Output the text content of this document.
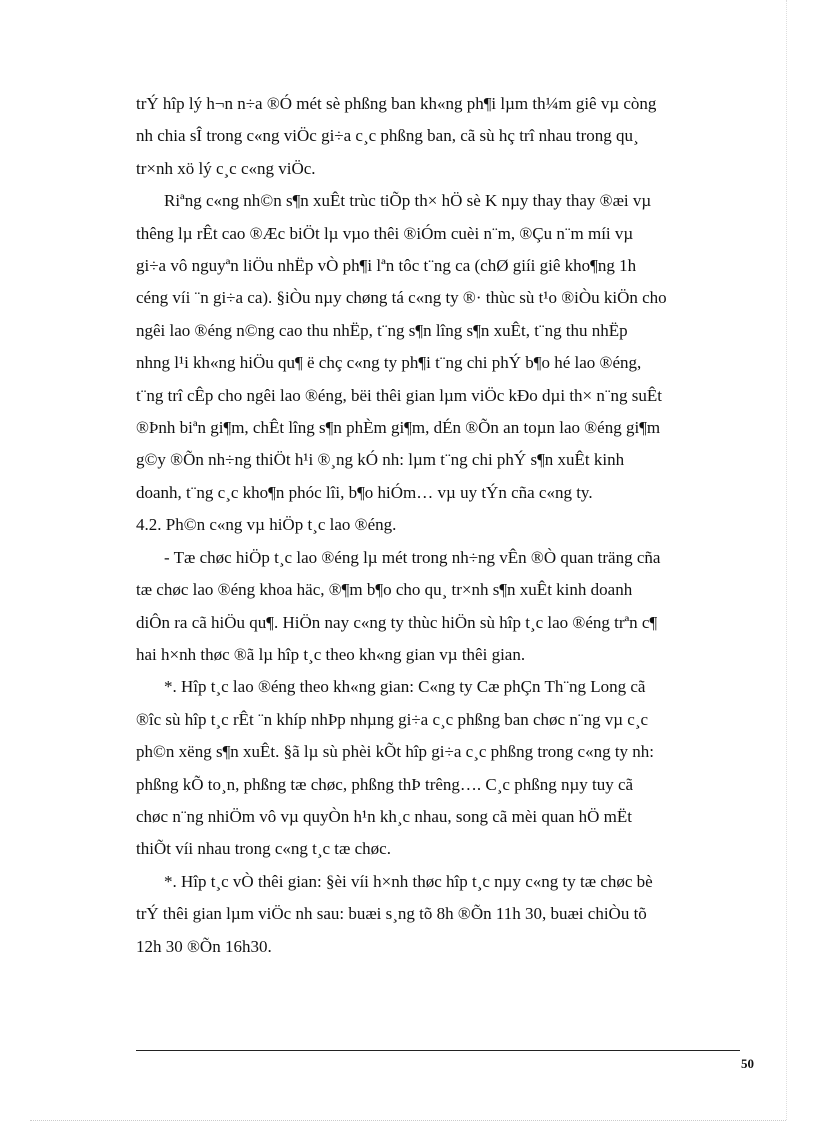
trÝ hîp lý h¬n n÷a ®Ó mét sè phßng ban kh«ng ph¶i lµm th¼m giê vµ còng
nh chia sÎ trong c«ng viÖc gi÷a c¸c phßng ban, cã sù hç trî nhau trong qu¸
tr×nh xö lý c¸c c«ng viÖc.

Riªng c«ng nh©n s¶n xuÊt trùc tiÕp th× hÖ sè K nµy thay thay ®æi vµ
thêng lµ rÊt cao ®Æc biÖt lµ vµo thêi ®iÓm cuèi n¨m, ®Çu n¨m míi vµ
gi÷a vô nguyªn liÖu nhËp vÒ ph¶i lªn tôc t¨ng ca (chØ giíi giê kho¶ng 1h
céng víi ¨n gi÷a ca). §iÒu nµy chøng tá c«ng ty ®· thùc sù t¹o ®iÒu kiÖn cho
ngêi lao ®éng n©ng cao thu nhËp, t¨ng s¶n lîng s¶n xuÊt, t¨ng thu nhËp
nhng l¹i kh«ng hiÖu qu¶ ë chç c«ng ty ph¶i t¨ng chi phÝ b¶o hé lao ®éng,
t¨ng trî cÊp cho ngêi lao ®éng, bëi thêi gian lµm viÖc kÐo dµi th× n¨ng suÊt
®Þnh biªn gi¶m, chÊt lîng s¶n phÈm gi¶m, dÉn ®Õn an toµn lao ®éng gi¶m
g©y ®Õn nh÷ng thiÖt h¹i ®¸ng kÓ nh: lµm t¨ng chi phÝ s¶n xuÊt kinh
doanh, t¨ng c¸c kho¶n phóc lîi, b¶o hiÓm… vµ uy tÝn cña c«ng ty.

4.2. Ph©n c«ng vµ hiÖp t¸c lao ®éng.

- Tæ chøc hiÖp t¸c lao ®éng lµ mét trong nh÷ng vÊn ®Ò quan träng cña
tæ chøc lao ®éng khoa häc, ®¶m b¶o cho qu¸ tr×nh s¶n xuÊt kinh doanh
diÔn ra cã hiÖu qu¶. HiÖn nay c«ng ty thùc hiÖn sù hîp t¸c lao ®éng trªn c¶
hai h×nh thøc ®ã lµ hîp t¸c theo kh«ng gian vµ thêi gian.

*. Hîp t¸c lao ®éng theo kh«ng gian: C«ng ty Cæ phÇn Th¨ng Long cã
®îc sù hîp t¸c rÊt ¨n khíp nhÞp nhµng gi÷a c¸c phßng ban chøc n¨ng vµ c¸c
ph©n xëng s¶n xuÊt. §ã lµ sù phèi kÕt hîp gi÷a c¸c phßng trong c«ng ty nh:
phßng kÕ to¸n, phßng tæ chøc, phßng thÞ trêng…. C¸c phßng nµy tuy cã
chøc n¨ng nhiÖm vô vµ quyÒn h¹n kh¸c nhau, song cã mèi quan hÖ mËt
thiÕt víi nhau trong c«ng t¸c tæ chøc.

*. Hîp t¸c vÒ thêi gian: §èi víi h×nh thøc hîp t¸c nµy c«ng ty tæ chøc bè
trÝ thêi gian lµm viÖc nh sau: buæi s¸ng tõ 8h ®Õn 11h 30, buæi chiÒu tõ
12h 30 ®Õn 16h30.

50
